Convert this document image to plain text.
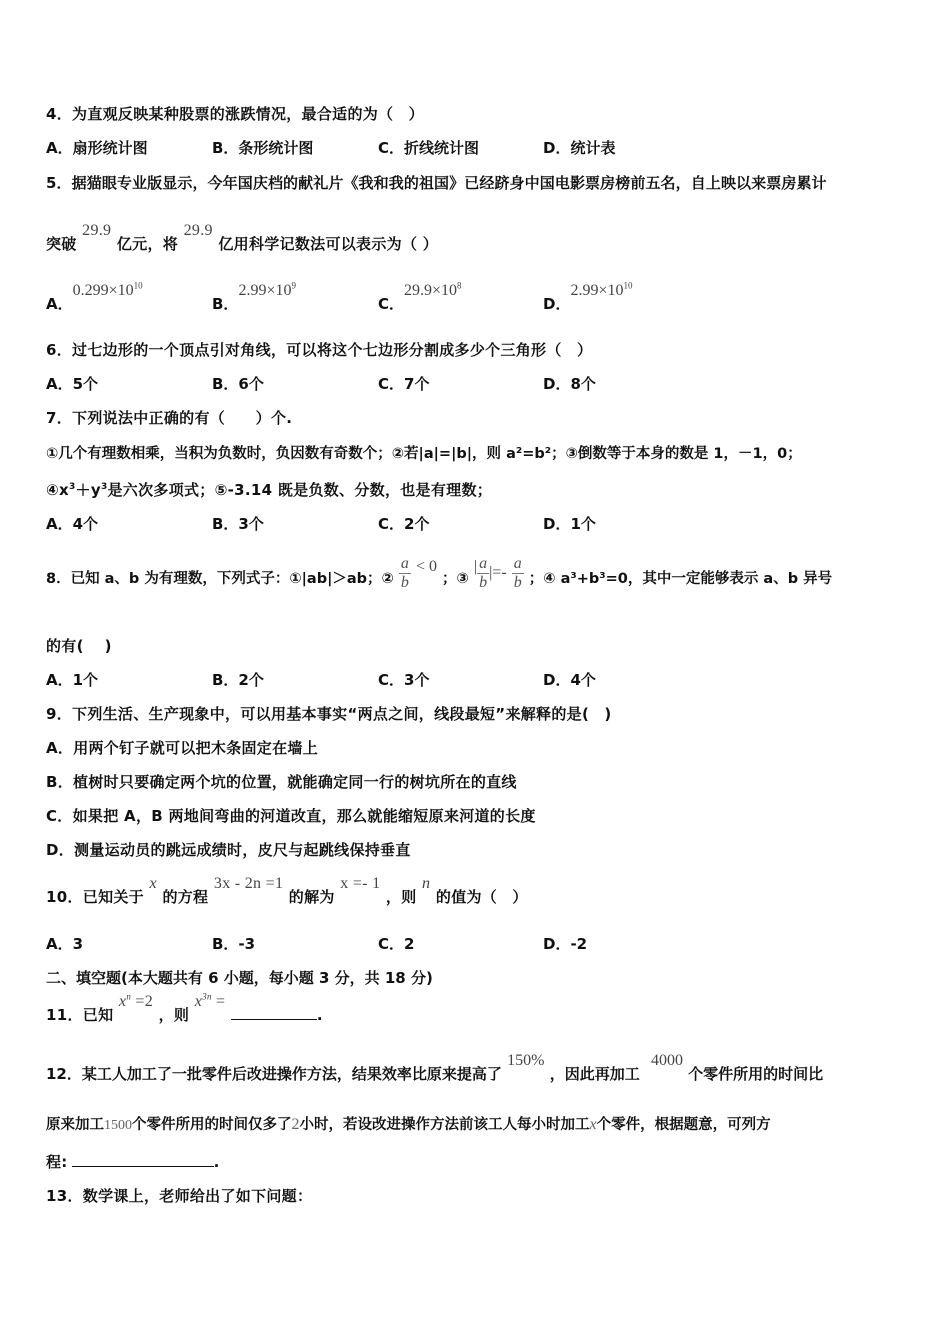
4．为直观反映某种股票的涨跌情况，最合适的为（　）
A．扇形统计图	B．条形统计图	C．折线统计图	D．统计表
5．据猫眼专业版显示，今年国庆档的献礼片《我和我的祖国》已经跻身中国电影票房榜前五名，自上映以来票房累计
突破 29.9 亿元，将 29.9 亿用科学记数法可以表示为（ ）
A．$0.299\times 10^{10}$
B．$2.99\times 10^9$
C．$29.9\times 10^8$
D．$2.99\times 10^{10}$
6．过七边形的一个顶点引对角线，可以将这个七边形分割成多少个三角形（　）
A．5个	B．6个	C．7个	D．8个
7．下列说法中正确的有（　　）个.
①几个有理数相乘，当积为负数时，负因数有奇数个；②若|a|=|b|，则 a²=b²；③倒数等于本身的数是 1，－1，0；
$④x^3+y^3$是六次多项式；⑤-3.14 既是负数、分数，也是有理数；
A．4个	B．3个	C．2个	D．1个
8．已知 a、b 为有理数，下列式子：①|ab|＞ab；② $\frac{a}{b} < 0$ ；③ | $\frac{a}{b}$ |=- $\frac{a}{b}$ ；④ a³+b³=0，其中一定能够表示 a、b 异号
的有(　 )
A．1个	B．2个	C．3个	D．4个
9．下列生活、生产现象中，可以用基本事实“两点之间，线段最短”来解释的是(　)
A．用两个钉子就可以把木条固定在墙上
B．植树时只要确定两个坑的位置，就能确定同一行的树坑所在的直线
C．如果把 A，B 两地间弯曲的河道改直，那么就能缩短原来河道的长度
D．测量运动员的跳远成绩时，皮尺与起跳线保持垂直
10．已知关于 x 的方程 3x - 2n =1 的解为 x =- 1 ，则 n 的值为（　）
A．3	B．-3	C．2	D．-2
二、填空题(本大题共有 6 小题，每小题 3 分，共 18 分)
11．已知 $x^n =2$ ，则 $x^{3n}$ = .
12．某工人加工了一批零件后改进操作方法，结果效率比原来提高了 150% ，因此再加工 4000 个零件所用的时间比
原来加工1500个零件所用的时间仅多了2小时，若设改进操作方法前该工人每小时加工x个零件，根据题意，可列方
程:	.
13．数学课上，老师给出了如下问题：
